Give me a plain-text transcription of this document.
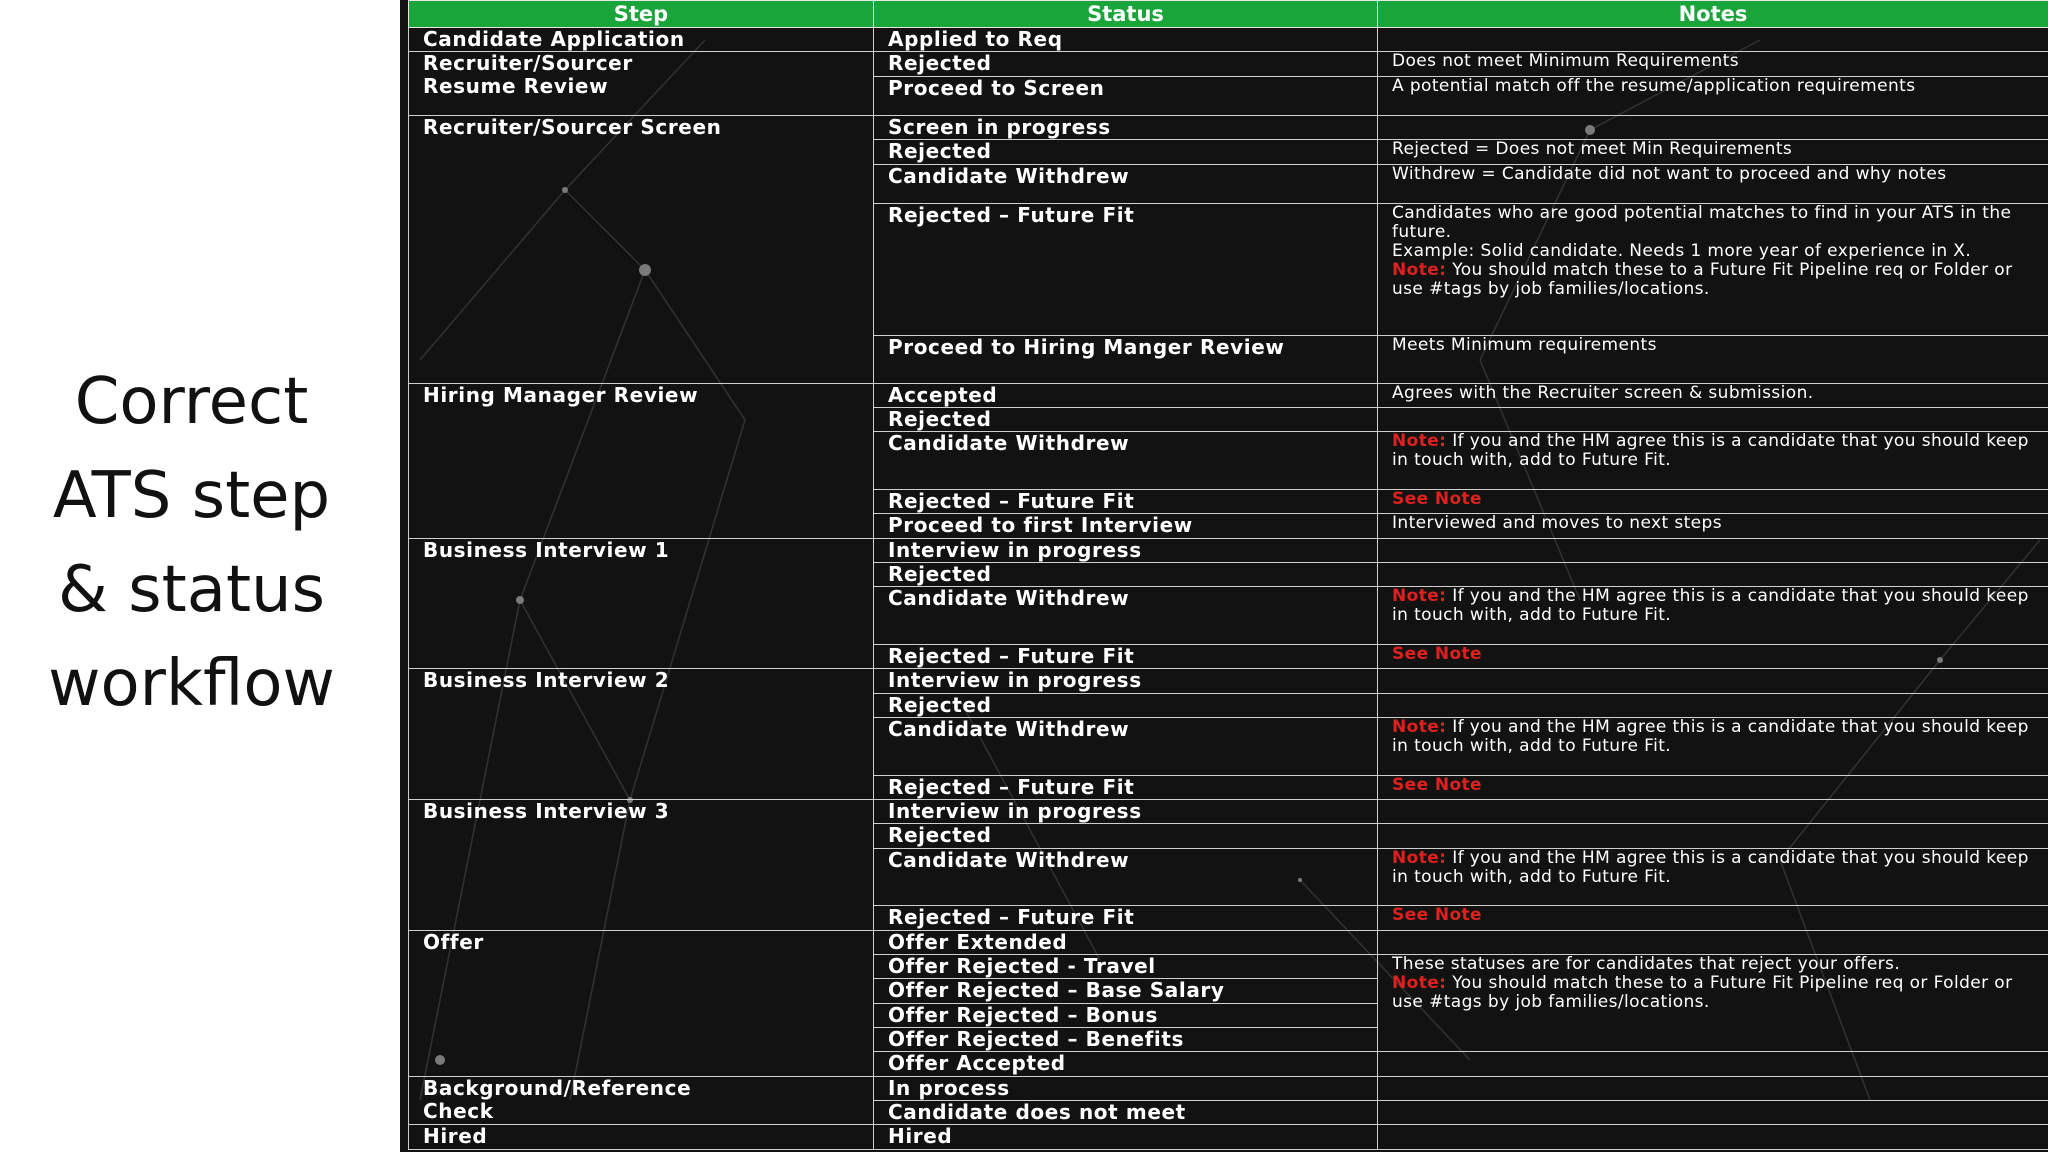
Correct
ATS step
& status
workflow
Step	Status	Notes
Candidate Application	Applied to Req	

Recruiter/Sourcer
Resume Review	Rejected	Does not meet Minimum Requirements
	Proceed to Screen	A potential match off the resume/application requirements
Recruiter/Sourcer Screen	Screen in progress	
	Rejected	Rejected = Does not meet Min Requirements
	Candidate Withdrew	Withdrew = Candidate did not want to proceed and why notes
	Rejected – Future Fit	Candidates who are good potential matches to find in your ATS in the future.
Example: Solid candidate. Needs 1 more year of experience in X.
Note: You should match these to a Future Fit Pipeline req or Folder or use #tags by job families/locations.

	Proceed to Hiring Manger Review	Meets Minimum requirements
Hiring Manager Review	Accepted	Agrees with the Recruiter screen & submission.
	Rejected	
	Candidate Withdrew	Note: If you and the HM agree this is a candidate that you should keep in touch with, add to Future Fit.
	Rejected – Future Fit	See Note
	Proceed to first Interview	Interviewed and moves to next steps
Business Interview 1	Interview in progress	
	Rejected	
	Candidate Withdrew	Note: If you and the HM agree this is a candidate that you should keep in touch with, add to Future Fit.
	Rejected – Future Fit	See Note
Business Interview 2	Interview in progress	
	Rejected	
	Candidate Withdrew	Note: If you and the HM agree this is a candidate that you should keep in touch with, add to Future Fit.
	Rejected – Future Fit	See Note
Business Interview 3	Interview in progress	
	Rejected	
	Candidate Withdrew	Note: If you and the HM agree this is a candidate that you should keep in touch with, add to Future Fit.
	Rejected – Future Fit	See Note
Offer	Offer Extended	
	Offer Rejected - Travel	These statuses are for candidates that reject your offers.
Note: You should match these to a Future Fit Pipeline req or Folder or use #tags by job families/locations.

	Offer Rejected – Base Salary	
	Offer Rejected – Bonus	
	Offer Rejected – Benefits	
	Offer Accepted	

Background/Reference
Check	In process	
	Candidate does not meet	
Hired	Hired	
